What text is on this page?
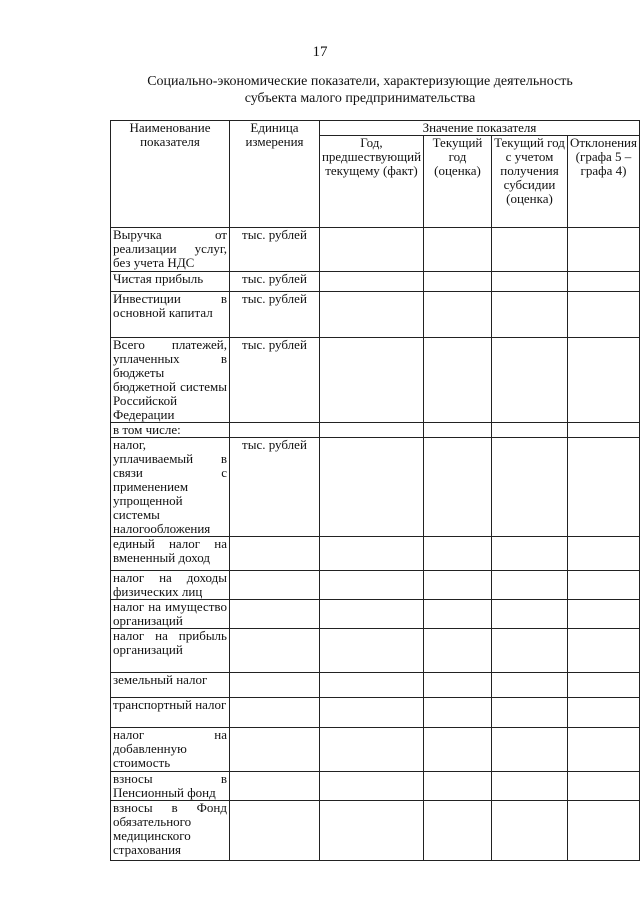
17
Социально-экономические показатели, характеризующие деятельность
субъекта малого предпринимательства
Наименование показателя	Единица измерения	Значение показателя			
		Год, предшествующий текущему (факт)	Текущий год (оценка)	Текущий год с учетом получения субсидии (оценка)	Отклонения (графа 5 – графа 4)
Выручка от реализации услуг, без учета НДС	тыс. рублей				
Чистая прибыль	тыс. рублей				
Инвестиции в основной капитал	тыс. рублей				
Всего платежей, уплаченных в бюджеты бюджетной системы Российской Федерации	тыс. рублей				
в том числе:					
налог, уплачиваемый в связи с применением упрощенной системы налогообложения	тыс. рублей				
единый налог на вмененный доход					
налог на доходы физических лиц					
налог на имущество организаций					
налог на прибыль организаций					
земельный налог					
транспортный налог					
налог на добавленную стоимость					
взносы в Пенсионный фонд					
взносы в Фонд обязательного медицинского страхования					
